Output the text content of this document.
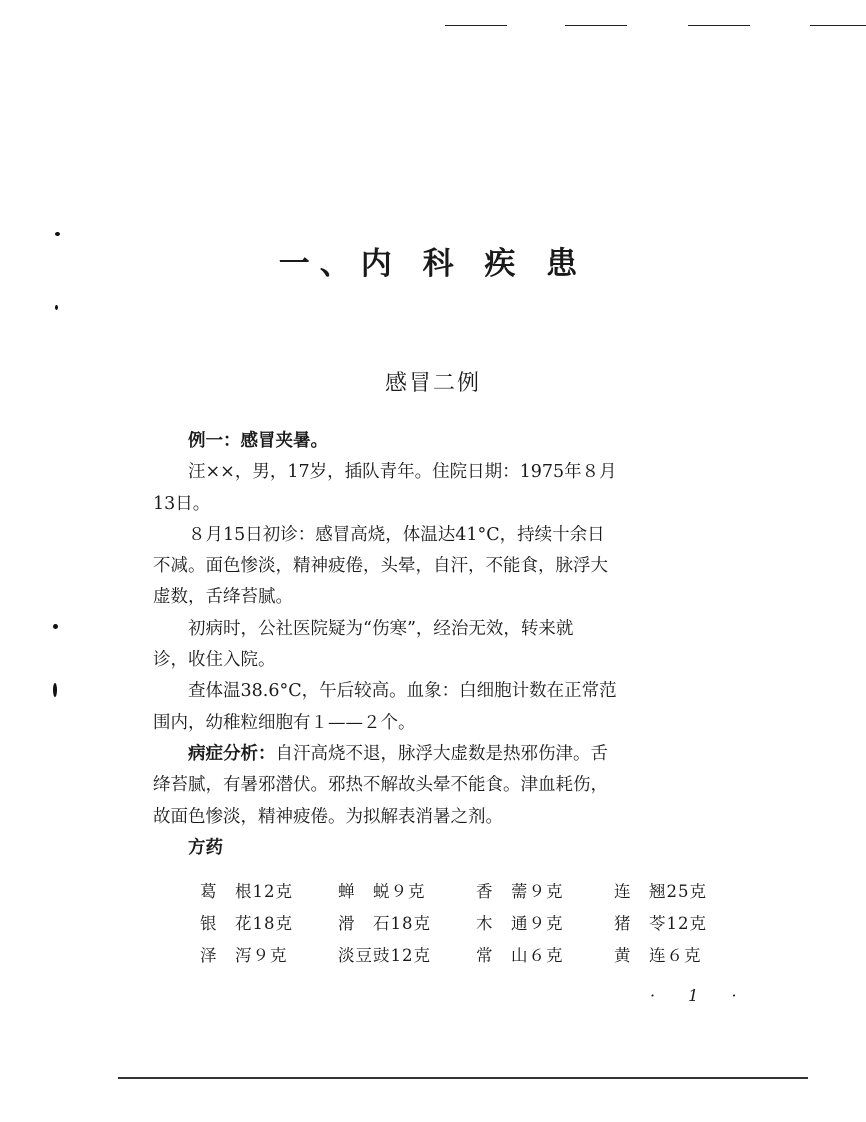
一、内 科 疾 患
感冒二例

例一：感冒夹暑。

汪××，男，17岁，插队青年。住院日期：1975年８月

13日。

８月15日初诊：感冒高烧，体温达41°C，持续十余日

不减。面色惨淡，精神疲倦，头晕，自汗，不能食，脉浮大
虚数，舌绛苔腻。

初病时，公社医院疑为“伤寒”，经治无效，转来就

诊，收住入院。

查体温38.6°C，午后较高。血象：白细胞计数在正常范

围内，幼稚粒细胞有１——２个。

病症分析：自汗高烧不退，脉浮大虚数是热邪伤津。舌

绛苔腻，有暑邪潜伏。邪热不解故头晕不能食。津血耗伤，
故面色惨淡，精神疲倦。为拟解表消暑之剂。

方药

葛　根12克	蝉　蜕９克	香　薷９克	连　翘25克
银　花18克	滑　石18克	木　通９克	猪　苓12克
泽　泻９克	淡豆豉12克	常　山６克	黄　连６克
· 1 ·
